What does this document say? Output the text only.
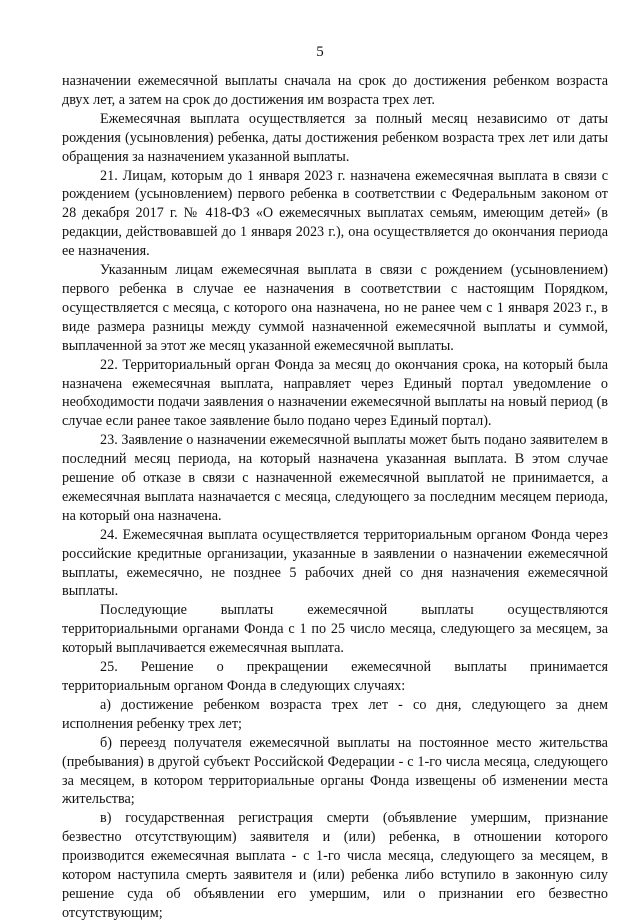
5

назначении ежемесячной выплаты сначала на срок до достижения ребенком возраста двух лет, а затем на срок до достижения им возраста трех лет.

Ежемесячная выплата осуществляется за полный месяц независимо от даты рождения (усыновления) ребенка, даты достижения ребенком возраста трех лет или даты обращения за назначением указанной выплаты.

21. Лицам, которым до 1 января 2023 г. назначена ежемесячная выплата в связи с рождением (усыновлением) первого ребенка в соответствии с Федеральным законом от 28 декабря 2017 г. № 418-ФЗ «О ежемесячных выплатах семьям, имеющим детей» (в редакции, действовавшей до 1 января 2023 г.), она осуществляется до окончания периода ее назначения.

Указанным лицам ежемесячная выплата в связи с рождением (усыновлением) первого ребенка в случае ее назначения в соответствии с настоящим Порядком, осуществляется с месяца, с которого она назначена, но не ранее чем с 1 января 2023 г., в виде размера разницы между суммой назначенной ежемесячной выплаты и суммой, выплаченной за этот же месяц указанной ежемесячной выплаты.

22. Территориальный орган Фонда за месяц до окончания срока, на который была назначена ежемесячная выплата, направляет через Единый портал уведомление о необходимости подачи заявления о назначении ежемесячной выплаты на новый период (в случае если ранее такое заявление было подано через Единый портал).

23. Заявление о назначении ежемесячной выплаты может быть подано заявителем в последний месяц периода, на который назначена указанная выплата. В этом случае решение об отказе в связи с назначенной ежемесячной выплатой не принимается, а ежемесячная выплата назначается с месяца, следующего за последним месяцем периода, на который она назначена.

24. Ежемесячная выплата осуществляется территориальным органом Фонда через российские кредитные организации, указанные в заявлении о назначении ежемесячной выплаты, ежемесячно, не позднее 5 рабочих дней со дня назначения ежемесячной выплаты.

Последующие выплаты ежемесячной выплаты осуществляются

территориальными органами Фонда с 1 по 25 число месяца, следующего за месяцем, за который выплачивается ежемесячная выплата.

25. Решение о прекращении ежемесячной выплаты принимается

территориальным органом Фонда в следующих случаях:

а) достижение ребенком возраста трех лет - со дня, следующего за днем исполнения ребенку трех лет;

б) переезд получателя ежемесячной выплаты на постоянное место жительства (пребывания) в другой субъект Российской Федерации - с 1-го числа месяца, следующего за месяцем, в котором территориальные органы Фонда извещены об изменении места жительства;

в) государственная регистрация смерти (объявление умершим, признание безвестно отсутствующим) заявителя и (или) ребенка, в отношении которого производится ежемесячная выплата - с 1-го числа месяца, следующего за месяцем, в котором наступила смерть заявителя и (или) ребенка либо вступило в законную силу решение суда об объявлении его умершим, или о признании его безвестно отсутствующим;
